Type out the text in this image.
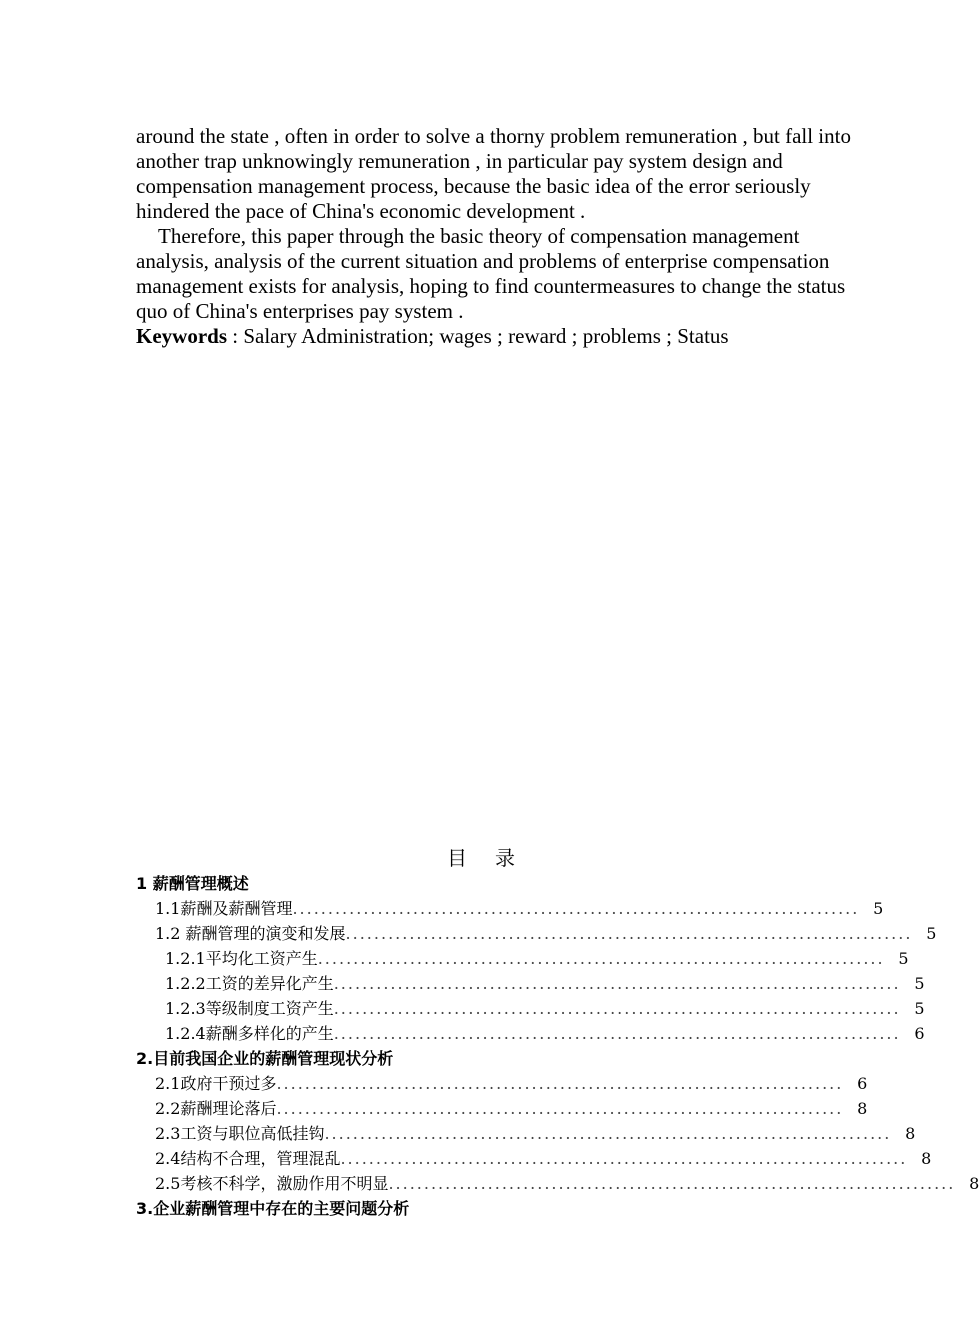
around the state , often in order to solve a thorny problem remuneration , but fall into another trap unknowingly remuneration , in particular pay system design and compensation management process, because the basic idea of the error seriously hindered the pace of China's economic development .

Therefore, this paper through the basic theory of compensation management analysis, analysis of the current situation and problems of enterprise compensation management exists for analysis, hoping to find countermeasures to change the status quo of China's enterprises pay system .

Keywords : Salary Administration; wages ; reward ; problems ; Status

目录
1 薪酬管理概述
1.1薪酬及薪酬管理 ................................................................................ 5
1.2 薪酬管理的演变和发展 ................................................................................ 5
1.2.1平均化工资产生 ................................................................................ 5
1.2.2工资的差异化产生 ................................................................................ 5
1.2.3等级制度工资产生 ................................................................................ 5
1.2.4薪酬多样化的产生 ................................................................................ 6
2.目前我国企业的薪酬管理现状分析
2.1政府干预过多 ................................................................................ 6
2.2薪酬理论落后 ................................................................................ 8
2.3工资与职位高低挂钩 ................................................................................ 8
2.4结构不合理，管理混乱 ................................................................................ 8
2.5考核不科学，激励作用不明显 ................................................................................ 8
3.企业薪酬管理中存在的主要问题分析
